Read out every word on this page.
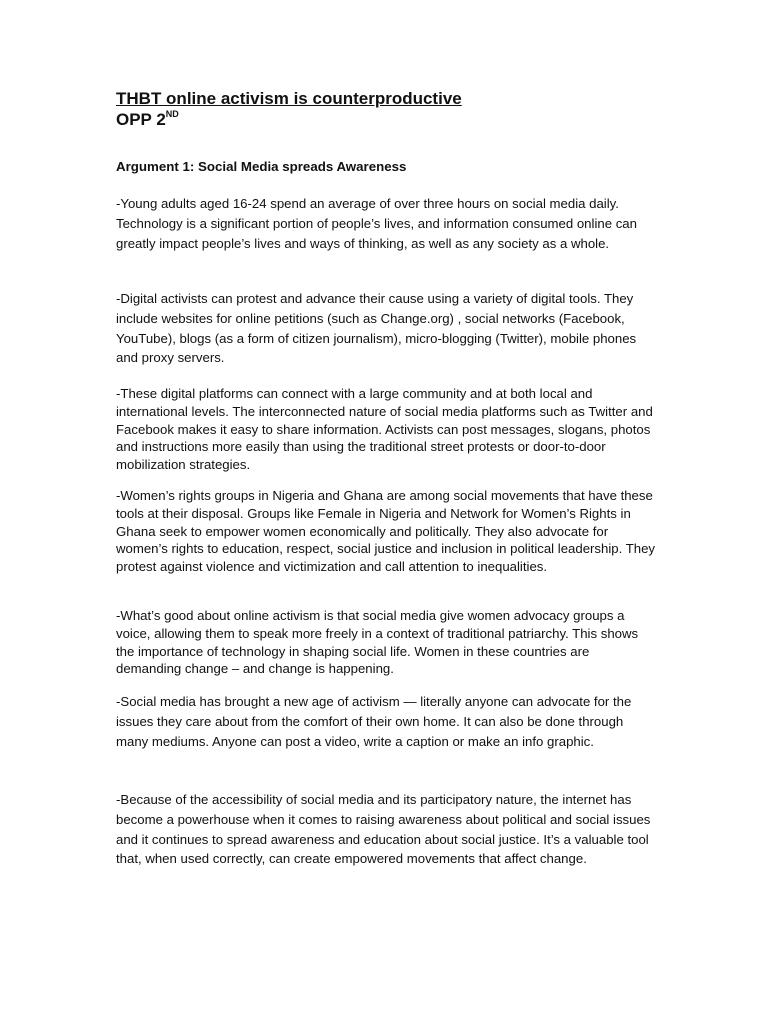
THBT online activism is counterproductive

OPP 2ND

Argument 1: Social Media spreads Awareness

-Young adults aged 16-24 spend an average of over three hours on social media daily. Technology is a significant portion of people’s lives, and information consumed online can greatly impact people’s lives and ways of thinking, as well as any society as a whole.

-Digital activists can protest and advance their cause using a variety of digital tools. They include websites for online petitions (such as Change.org) , social networks (Facebook, YouTube), blogs (as a form of citizen journalism), micro-blogging (Twitter), mobile phones and proxy servers.

-These digital platforms can connect with a large community and at both local and international levels. The interconnected nature of social media platforms such as Twitter and Facebook makes it easy to share information. Activists can post messages, slogans, photos and instructions more easily than using the traditional street protests or door-to-door mobilization strategies.

-Women’s rights groups in Nigeria and Ghana are among social movements that have these tools at their disposal. Groups like Female in Nigeria and Network for Women’s Rights in Ghana seek to empower women economically and politically. They also advocate for women’s rights to education, respect, social justice and inclusion in political leadership. They protest against violence and victimization and call attention to inequalities.

-What’s good about online activism is that social media give women advocacy groups a voice, allowing them to speak more freely in a context of traditional patriarchy. This shows the importance of technology in shaping social life. Women in these countries are demanding change – and change is happening.

-Social media has brought a new age of activism — literally anyone can advocate for the issues they care about from the comfort of their own home. It can also be done through many mediums. Anyone can post a video, write a caption or make an info graphic.

-Because of the accessibility of social media and its participatory nature, the internet has become a powerhouse when it comes to raising awareness about political and social issues and it continues to spread awareness and education about social justice. It’s a valuable tool that, when used correctly, can create empowered movements that affect change.
